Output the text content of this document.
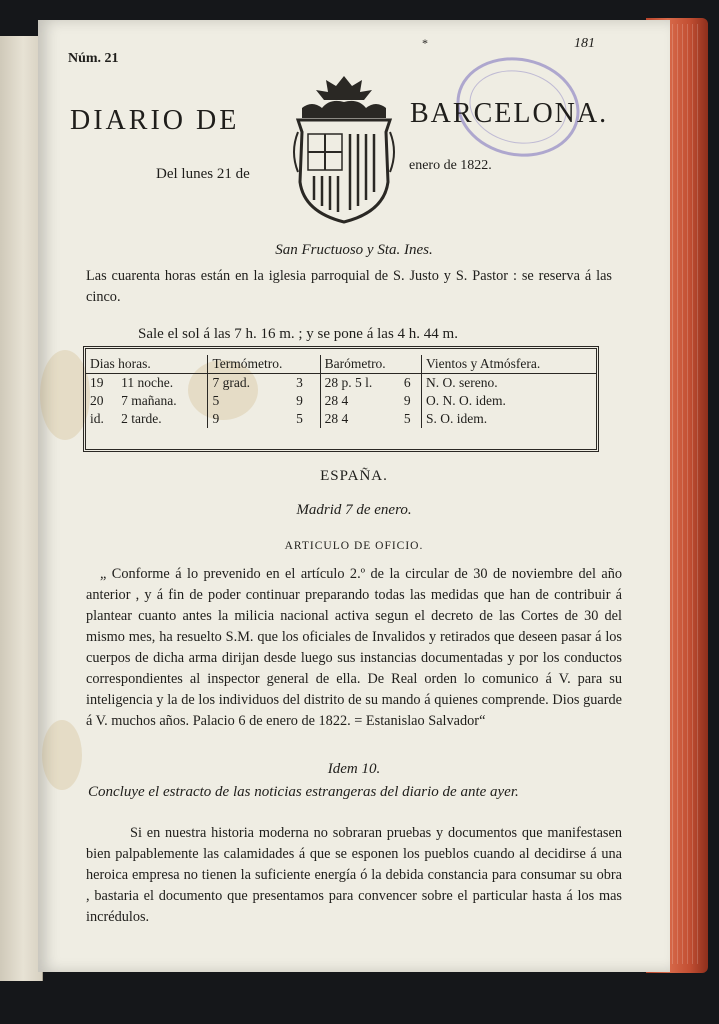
Núm. 21
*	181
DIARIO DE	BARCELONA.
Del lunes 21 de
enero de 1822.
San Fructuoso y Sta. Ines.
Las cuarenta horas están en la iglesia parroquial de S. Justo y S. Pastor : se reserva á las cinco.
Sale el sol á las 7 h. 16 m. ; y se pone á las 4 h. 44 m.
Dias horas.		Termómetro.		Barómetro.		Vientos y Atmósfera.
19	11 noche.	7 grad.	3	28 p. 5 l.	6	N. O. sereno.
20	7 mañana.	5	9	28 4	9	O. N. O. idem.
id.	2 tarde.	9	5	28 4	5	S. O. idem.
ESPAÑA.
Madrid 7 de enero.
ARTICULO DE OFICIO.
„ Conforme á lo prevenido en el artículo 2.º de la circular de 30 de noviembre del año anterior , y á fin de poder continuar preparando todas las medidas que han de contribuir á plantear cuanto antes la milicia nacional activa segun el decreto de las Cortes de 30 del mismo mes, ha resuelto S.M. que los oficiales de Invalidos y retirados que deseen pasar á los cuerpos de dicha arma dirijan desde luego sus instancias documentadas y por los conductos correspondientes al inspector general de ella. De Real orden lo comunico á V. para su inteligencia y la de los individuos del distrito de su mando á quienes comprende. Dios guarde á V. muchos años. Palacio 6 de enero de 1822. = Estanislao Salvador“
Idem 10.
Concluye el estracto de las noticias estrangeras del diario de ante ayer.
Si en nuestra historia moderna no sobraran pruebas y documentos que manifestasen bien palpablemente las calamidades á que se esponen los pueblos cuando al decidirse á una heroica empresa no tienen la suficiente energía ó la debida constancia para consumar su obra , bastaria el documento que presentamos para convencer sobre el particular hasta á los mas incrédulos.
